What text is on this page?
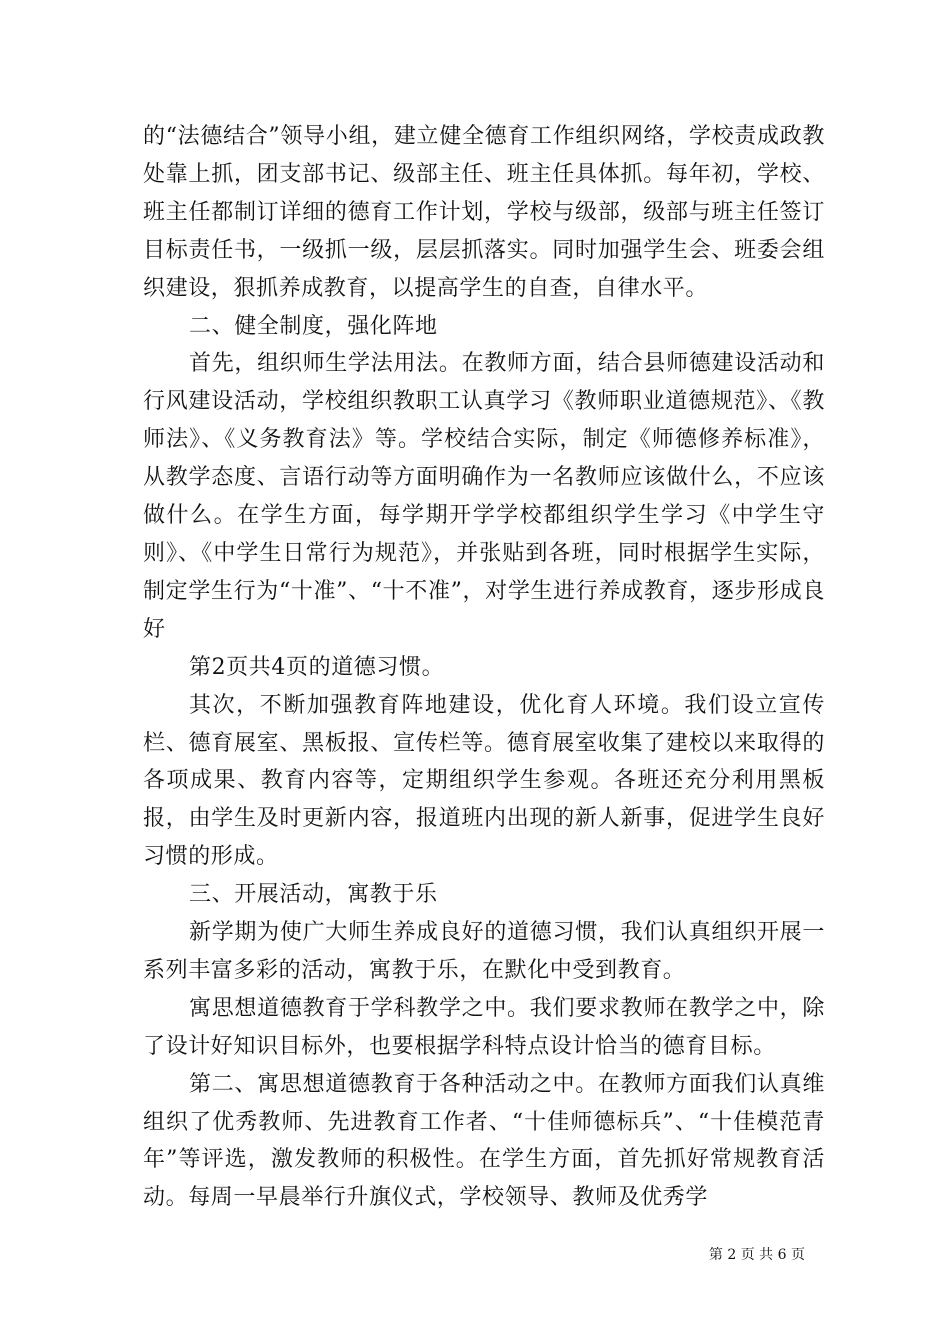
的“法德结合”领导小组，建立健全德育工作组织网络，学校责成政教处靠上抓，团支部书记、级部主任、班主任具体抓。每年初，学校、班主任都制订详细的德育工作计划，学校与级部，级部与班主任签订目标责任书，一级抓一级，层层抓落实。同时加强学生会、班委会组织建设，狠抓养成教育，以提高学生的自查，自律水平。

二、健全制度，强化阵地

首先，组织师生学法用法。在教师方面，结合县师德建设活动和行风建设活动，学校组织教职工认真学习《教师职业道德规范》、《教师法》、《义务教育法》等。学校结合实际，制定《师德修养标准》，从教学态度、言语行动等方面明确作为一名教师应该做什么，不应该做什么。在学生方面，每学期开学学校都组织学生学习《中学生守则》、《中学生日常行为规范》，并张贴到各班，同时根据学生实际，制定学生行为“十准”、“十不准”，对学生进行养成教育，逐步形成良好

第2页共4页的道德习惯。

其次，不断加强教育阵地建设，优化育人环境。我们设立宣传栏、德育展室、黑板报、宣传栏等。德育展室收集了建校以来取得的各项成果、教育内容等，定期组织学生参观。各班还充分利用黑板报，由学生及时更新内容，报道班内出现的新人新事，促进学生良好习惯的形成。

三、开展活动，寓教于乐

新学期为使广大师生养成良好的道德习惯，我们认真组织开展一系列丰富多彩的活动，寓教于乐，在默化中受到教育。

寓思想道德教育于学科教学之中。我们要求教师在教学之中，除了设计好知识目标外，也要根据学科特点设计恰当的德育目标。

第二、寓思想道德教育于各种活动之中。在教师方面我们认真维组织了优秀教师、先进教育工作者、“十佳师德标兵”、“十佳模范青年”等评选，激发教师的积极性。在学生方面，首先抓好常规教育活动。每周一早晨举行升旗仪式，学校领导、教师及优秀学

第 2 页 共 6 页
